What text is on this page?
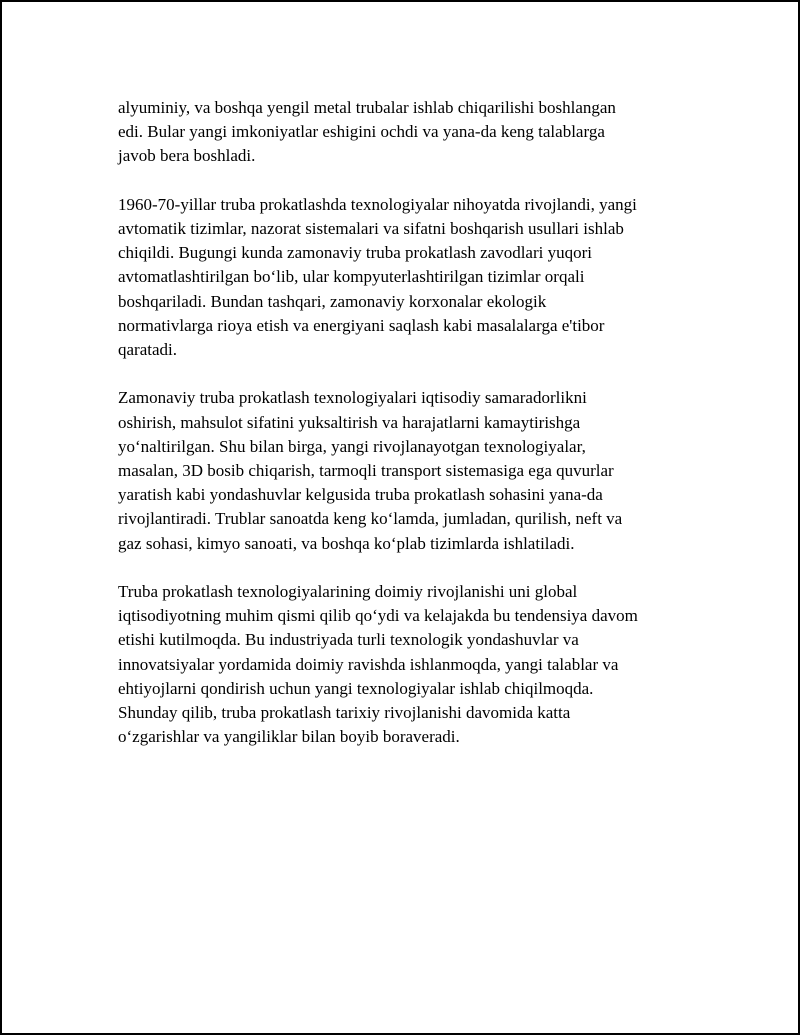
alyuminiy, va boshqa yengil metal trubalar ishlab chiqarilishi boshlangan
edi. Bular yangi imkoniyatlar eshigini ochdi va yana-da keng talablarga
javob bera boshladi.

1960-70-yillar truba prokatlashda texnologiyalar nihoyatda rivojlandi, yangi
avtomatik tizimlar, nazorat sistemalari va sifatni boshqarish usullari ishlab
chiqildi. Bugungi kunda zamonaviy truba prokatlash zavodlari yuqori
avtomatlashtirilgan boʻlib, ular kompyuterlashtirilgan tizimlar orqali
boshqariladi. Bundan tashqari, zamonaviy korxonalar ekologik
normativlarga rioya etish va energiyani saqlash kabi masalalarga e'tibor
qaratadi.

Zamonaviy truba prokatlash texnologiyalari iqtisodiy samaradorlikni
oshirish, mahsulot sifatini yuksaltirish va harajatlarni kamaytirishga
yoʻnaltirilgan. Shu bilan birga, yangi rivojlanayotgan texnologiyalar,
masalan, 3D bosib chiqarish, tarmoqli transport sistemasiga ega quvurlar
yaratish kabi yondashuvlar kelgusida truba prokatlash sohasini yana-da
rivojlantiradi. Trublar sanoatda keng koʻlamda, jumladan, qurilish, neft va
gaz sohasi, kimyo sanoati, va boshqa koʻplab tizimlarda ishlatiladi.

Truba prokatlash texnologiyalarining doimiy rivojlanishi uni global
iqtisodiyotning muhim qismi qilib qoʻydi va kelajakda bu tendensiya davom
etishi kutilmoqda. Bu industriyada turli texnologik yondashuvlar va
innovatsiyalar yordamida doimiy ravishda ishlanmoqda, yangi talablar va
ehtiyojlarni qondirish uchun yangi texnologiyalar ishlab chiqilmoqda.
Shunday qilib, truba prokatlash tarixiy rivojlanishi davomida katta
oʻzgarishlar va yangiliklar bilan boyib boraveradi.
